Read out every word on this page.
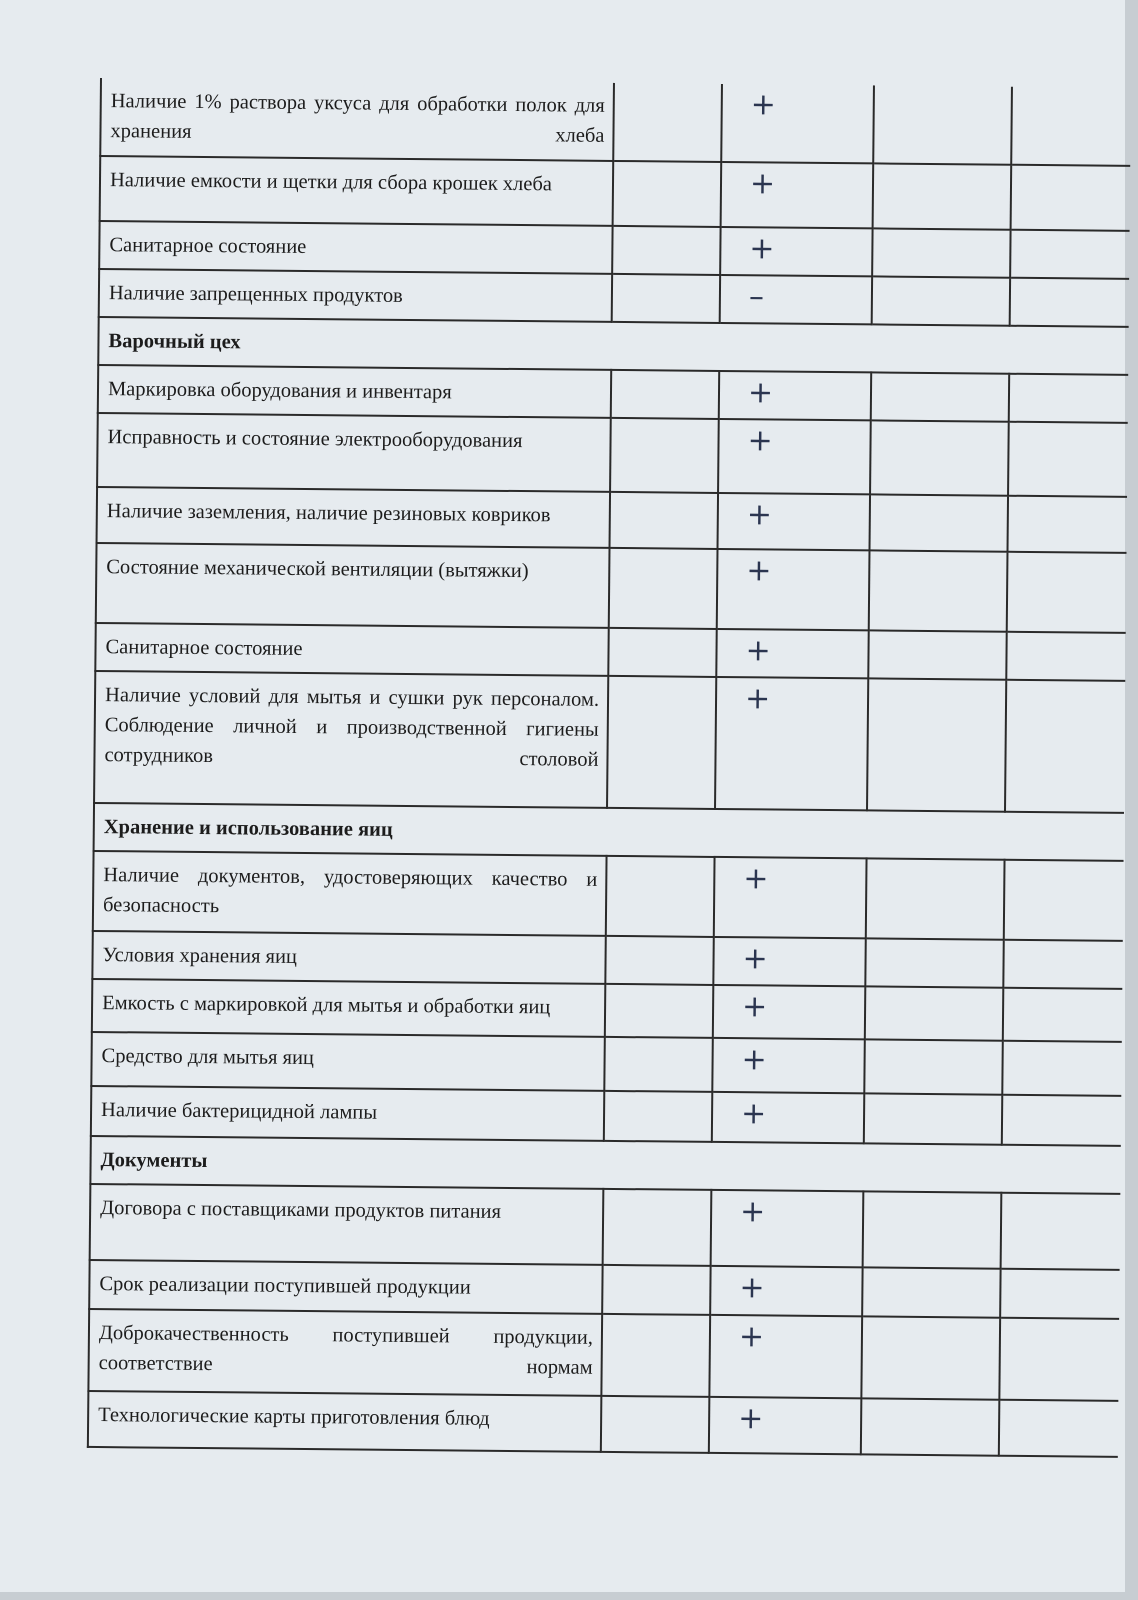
Наличие 1% раствора уксуса для обработки полок для хранения хлеба		+		
Наличие емкости и щетки для сбора крошек хлеба		+		
Санитарное состояние		+		
Наличие запрещенных продуктов		–		
Варочный цех				
Маркировка оборудования и инвентаря		+		
Исправность и состояние электрооборудования		+		
Наличие заземления, наличие резиновых ковриков		+		
Состояние механической вентиляции (вытяжки)		+		
Санитарное состояние		+		
Наличие условий для мытья и сушки рук персоналом. Соблюдение личной и производственной гигиены сотрудников столовой		+		
Хранение и использование яиц				
Наличие документов, удостоверяющих качество и безопасность		+		
Условия хранения яиц		+		
Емкость с маркировкой для мытья и обработки яиц		+		
Средство для мытья яиц		+		
Наличие бактерицидной лампы		+		
Документы				
Договора с поставщиками продуктов питания		+		
Срок реализации поступившей продукции		+		
Доброкачественность поступившей продукции, соответствие нормам		+		
Технологические карты приготовления блюд		+		
